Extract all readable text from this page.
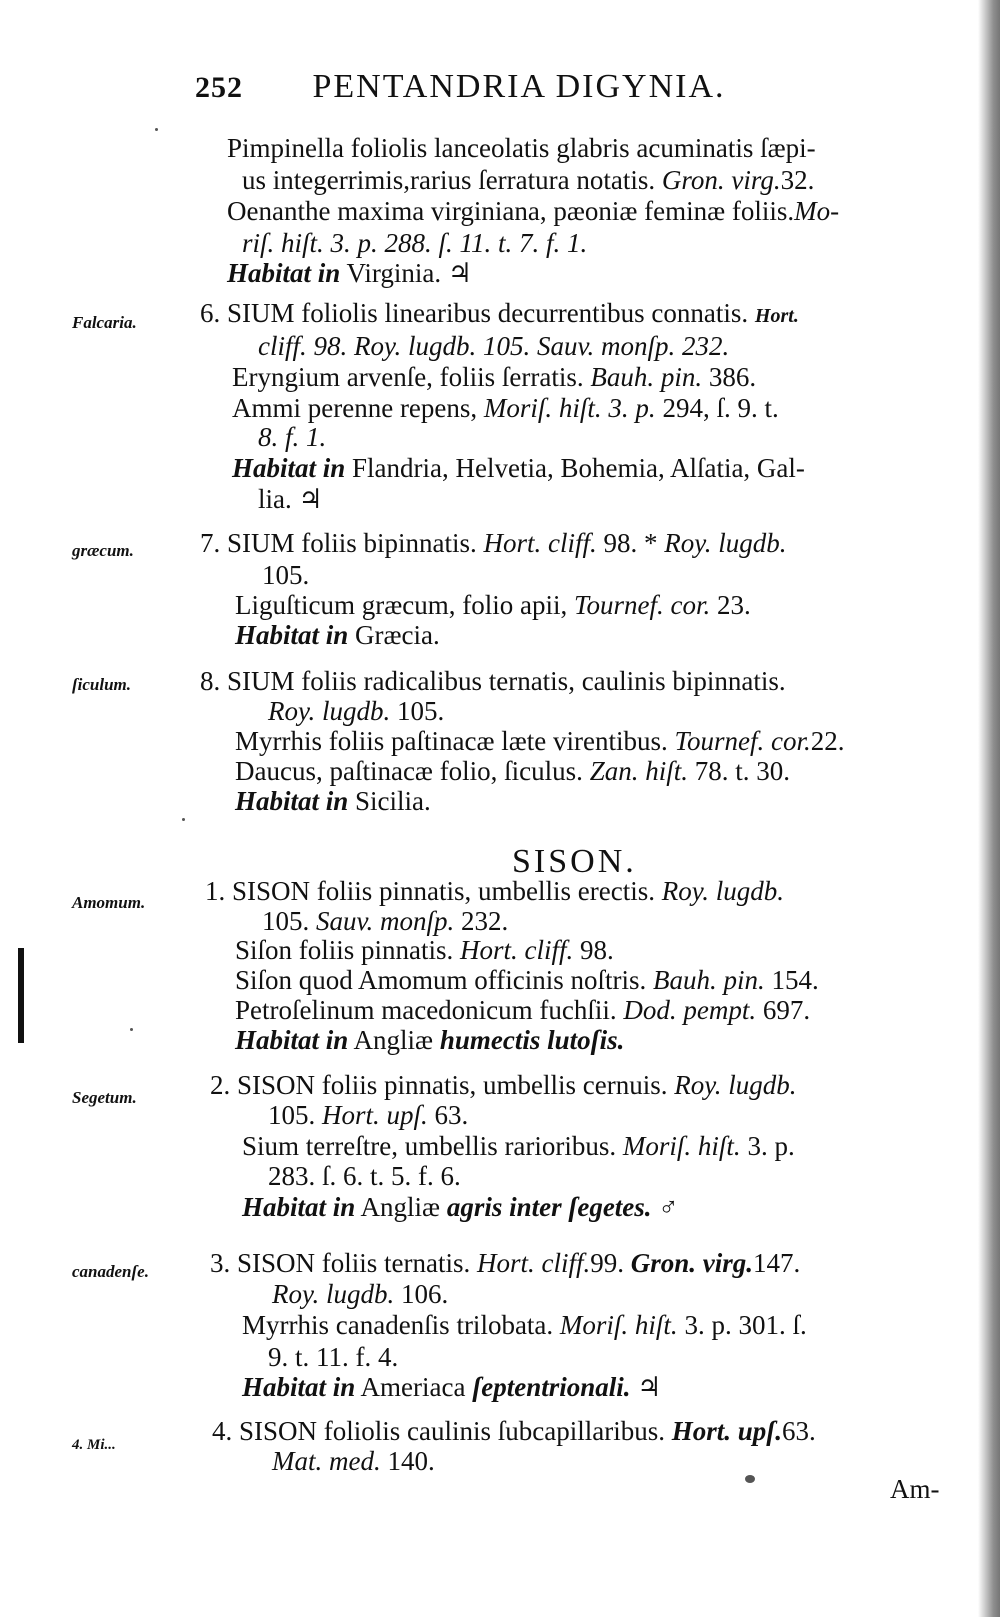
252 PENTANDRIA DIGYNIA.
Pimpinella foliolis lanceolatis glabris acuminatis ſæpi-
us integerrimis,rarius ſerratura notatis. Gron. virg.32.
Oenanthe maxima virginiana, pæoniæ feminæ foliis.Mo-
riſ. hiſt. 3. p. 288. ſ. 11. t. 7. f. 1.
Habitat in Virginia. ♃
Falcaria. 6. SIUM foliolis linearibus decurrentibus connatis. Hort.
cliff. 98. Roy. lugdb. 105. Sauv. monſp. 232.
Eryngium arvenſe, foliis ſerratis. Bauh. pin. 386.
Ammi perenne repens, Moriſ. hiſt. 3. p. 294, ſ. 9. t.
8. f. 1.
Habitat in Flandria, Helvetia, Bohemia, Alſatia, Gal-
lia. ♃
græcum. 7. SIUM foliis bipinnatis. Hort. cliff. 98. * Roy. lugdb.
105.
Liguſticum græcum, folio apii, Tournef. cor. 23.
Habitat in Græcia.
ſiculum.	8. SIUM foliis radicalibus ternatis, caulinis bipinnatis.
Roy. lugdb. 105.
Myrrhis foliis paſtinacæ læte virentibus. Tournef. cor.22.
Daucus, paſtinacæ folio, ſiculus. Zan. hiſt. 78. t. 30.
Habitat in Sicilia.
SISON.
Amomum. 1. SISON foliis pinnatis, umbellis erectis. Roy. lugdb.
105. Sauv. monſp. 232.
Siſon foliis pinnatis. Hort. cliff. 98.
Siſon quod Amomum officinis noſtris. Bauh. pin. 154.
Petroſelinum macedonicum fuchſii. Dod. pempt. 697.
Habitat in Angliæ humectis lutoſis.
Segetum.	2. SISON foliis pinnatis, umbellis cernuis. Roy. lugdb.
105. Hort. upſ. 63.
Sium terreſtre, umbellis rarioribus. Moriſ. hiſt. 3. p.
283. ſ. 6. t. 5. f. 6.
Habitat in Angliæ agris inter ſegetes. ♂
canadenſe. 3. SISON foliis ternatis. Hort. cliff.99. Gron. virg.147.
Roy. lugdb. 106.
Myrrhis canadenſis trilobata. Moriſ. hiſt. 3. p. 301. ſ.
9. t. 11. f. 4.
Habitat in Ameriaca ſeptentrionali. ♃
4. Mi...	4. SISON foliolis caulinis ſubcapillaribus. Hort. upſ.63.
Mat. med. 140.
Am-
